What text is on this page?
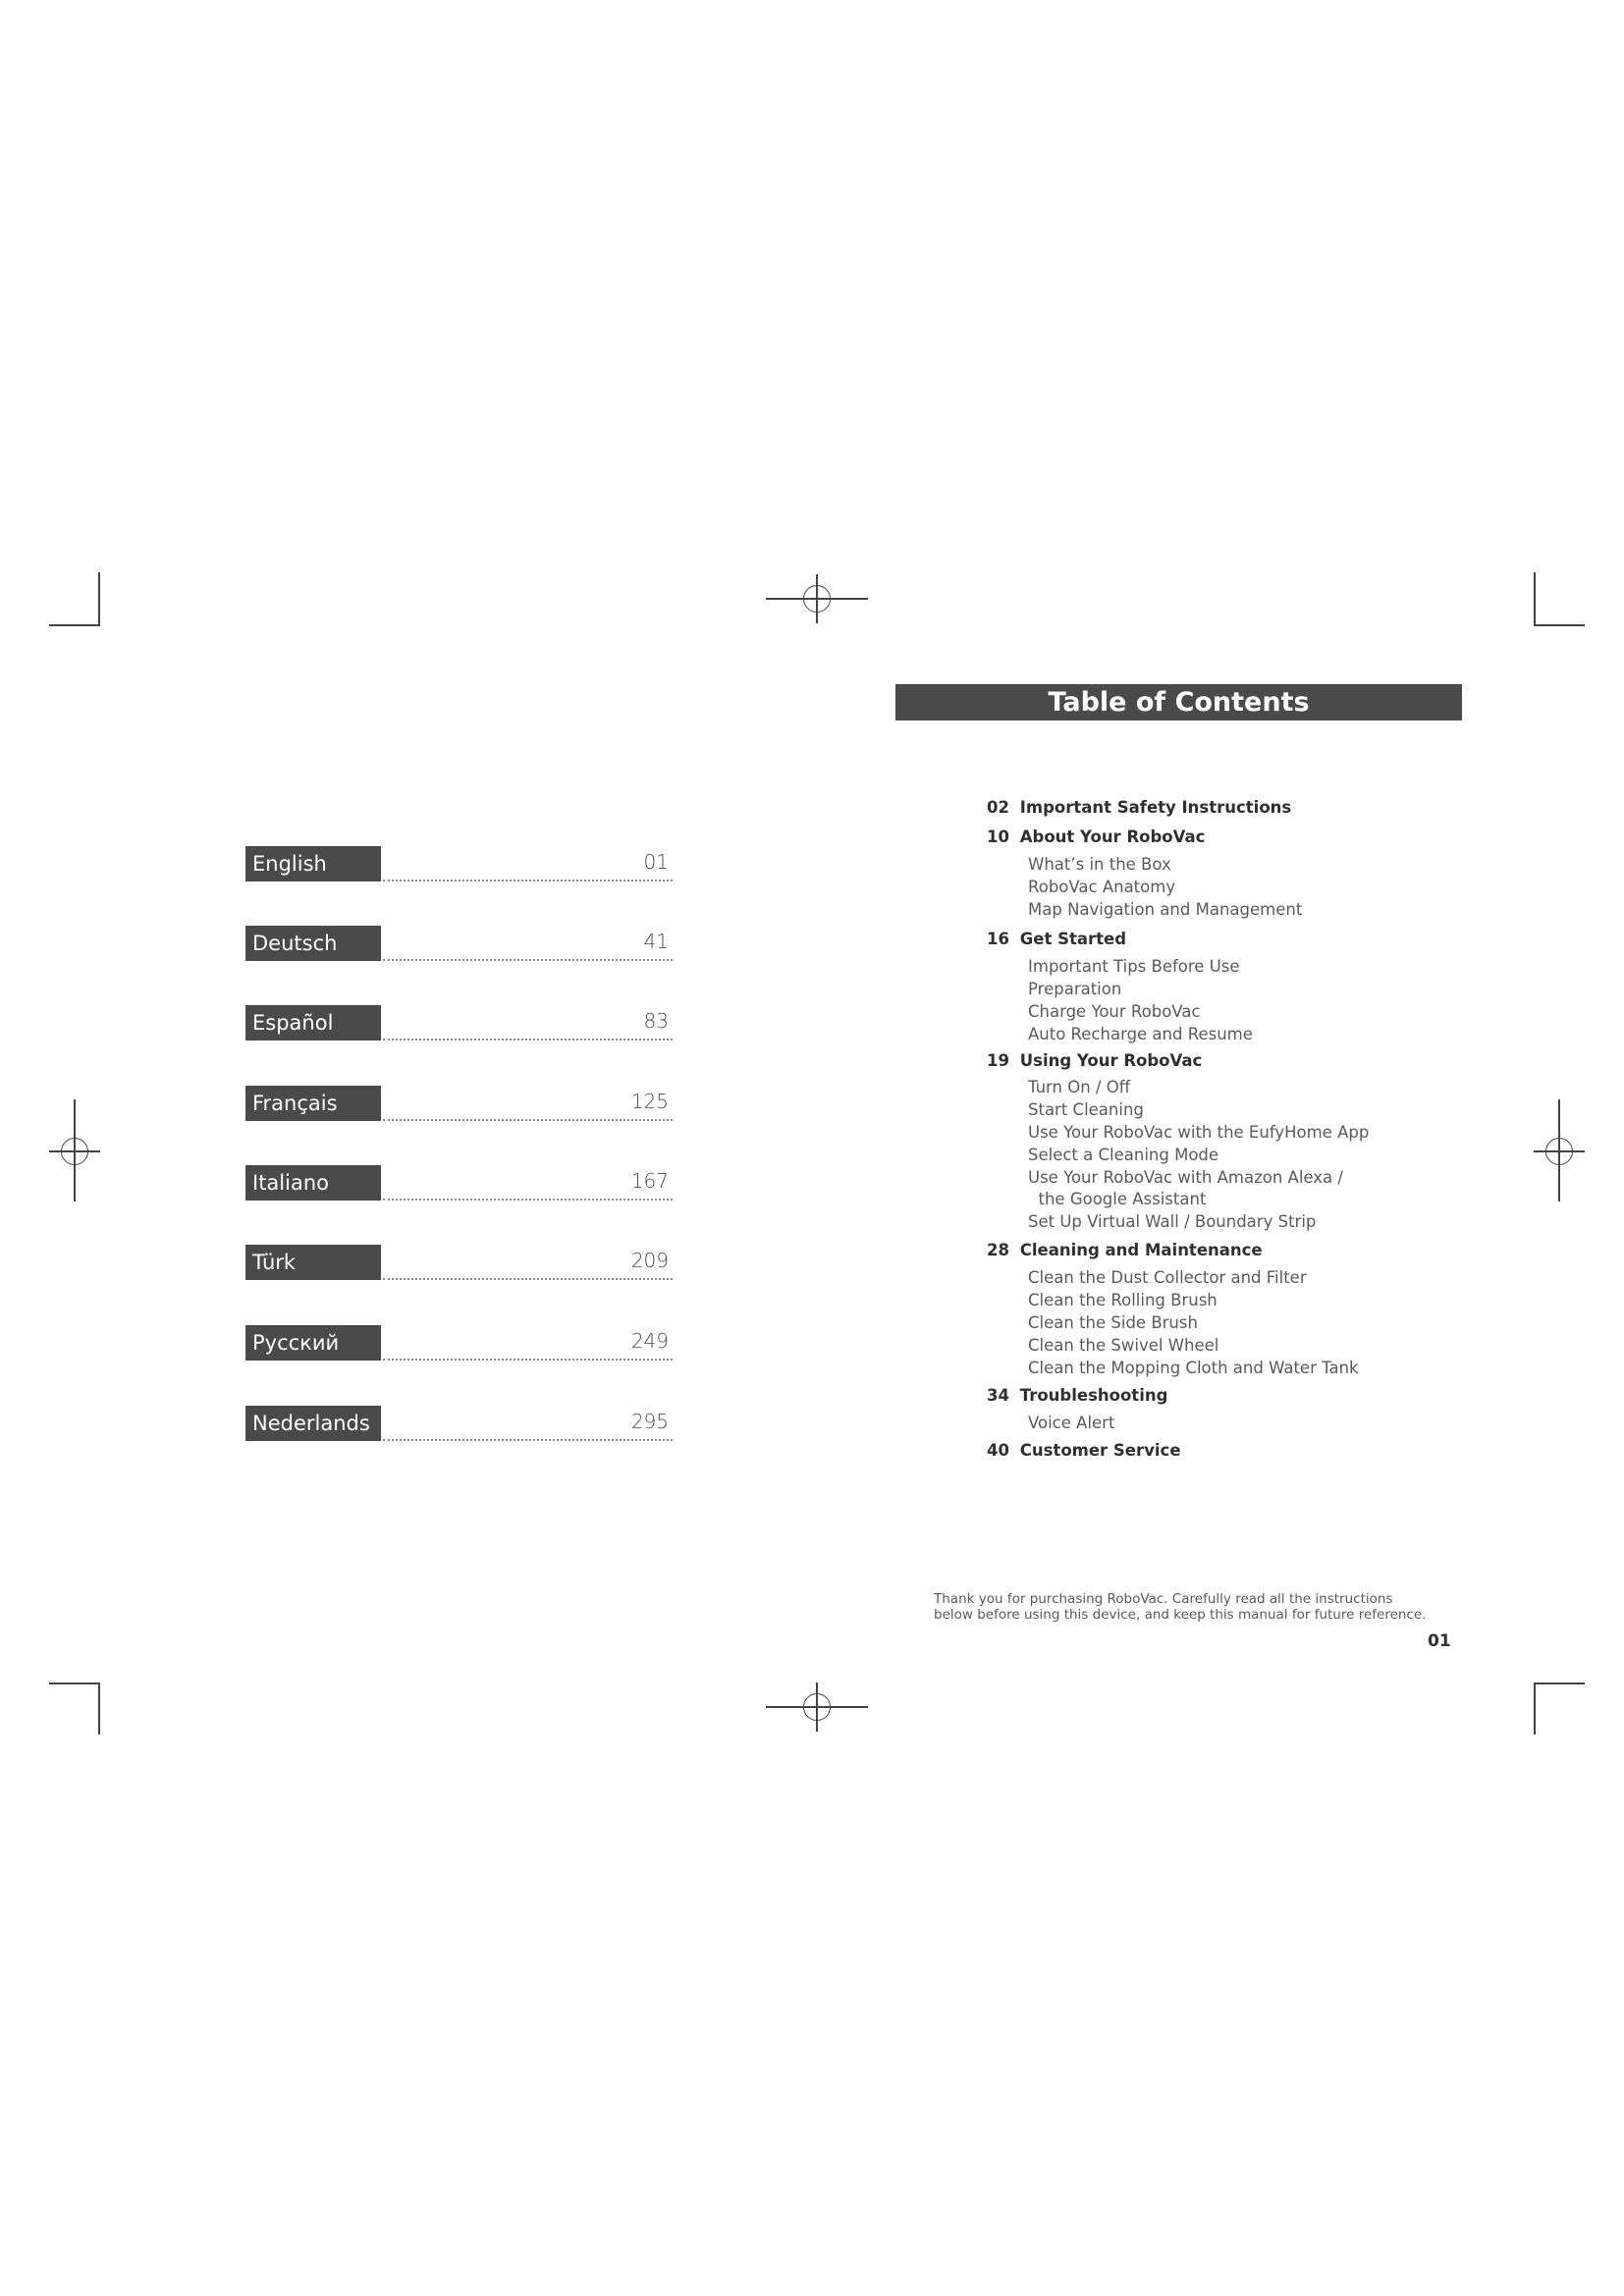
English	01
Deutsch	41
Español	83
Français	125
Italiano	167
Türk	209
Русский	249
Nederlands	295
Table of Contents
02 Important Safety Instructions
10 About Your RoboVac
What’s in the Box
RoboVac Anatomy
Map Navigation and Management
16 Get Started
Important Tips Before Use
Preparation
Charge Your RoboVac
Auto Recharge and Resume
19 Using Your RoboVac
Turn On / Off
Start Cleaning
Use Your RoboVac with the EufyHome App
Select a Cleaning Mode
Use Your RoboVac with Amazon Alexa /
the Google Assistant
Set Up Virtual Wall / Boundary Strip
28 Cleaning and Maintenance
Clean the Dust Collector and Filter
Clean the Rolling Brush
Clean the Side Brush
Clean the Swivel Wheel
Clean the Mopping Cloth and Water Tank
34 Troubleshooting
Voice Alert
40 Customer Service
Thank you for purchasing RoboVac. Carefully read all the instructions
below before using this device, and keep this manual for future reference.
01
